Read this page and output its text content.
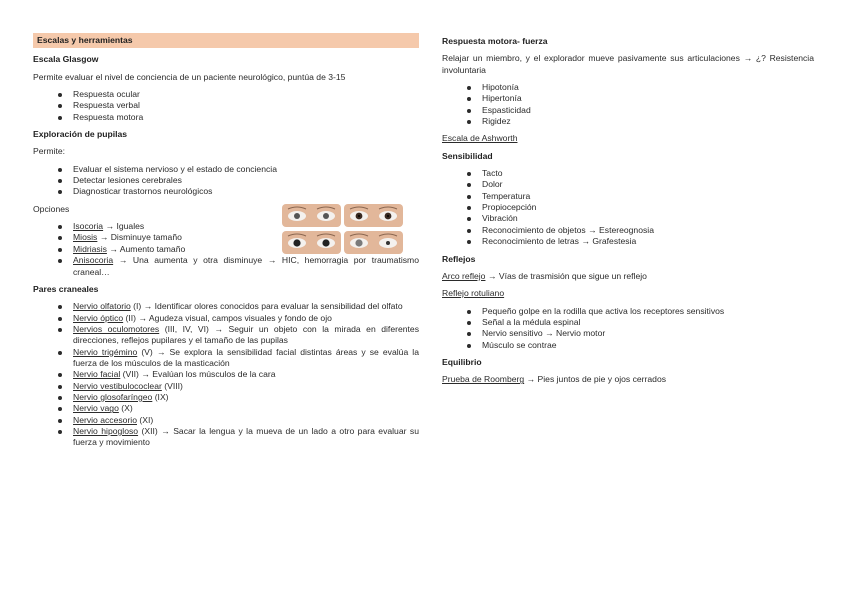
Escalas y herramientas
Escala Glasgow

Permite evaluar el nivel de conciencia de un paciente neurológico, puntúa de 3-15

Respuesta ocular
Respuesta verbal
Respuesta motora
Exploración de pupilas

Permite:

Evaluar el sistema nervioso y el estado de conciencia
Detectar lesiones cerebrales
Diagnosticar trastornos neurológicos

Opciones

Isocoria → Iguales
Miosis → Disminuye tamaño
Midriasis → Aumento tamaño
Anisocoria → Una aumenta y otra disminuye → HIC, hemorragia por traumatismo craneal…
Pares craneales
Nervio olfatorio (I) → Identificar olores conocidos para evaluar la sensibilidad del olfato
Nervio óptico (II) → Agudeza visual, campos visuales y fondo de ojo
Nervios oculomotores (III, IV, VI) → Seguir un objeto con la mirada en diferentes direcciones, reflejos pupilares y el tamaño de las pupilas
Nervio trigémino (V) → Se explora la sensibilidad facial distintas áreas y se evalúa la fuerza de los músculos de la masticación
Nervio facial (VII) → Evalúan los músculos de la cara
Nervio vestibulococlear (VIII)
Nervio glosofaríngeo (IX)
Nervio vago (X)
Nervio accesorio (XI)
Nervio hipogloso (XII) → Sacar la lengua y la mueva de un lado a otro para evaluar su fuerza y movimiento
Respuesta motora- fuerza

Relajar un miembro, y el explorador mueve pasivamente sus articulaciones → ¿? Resistencia involuntaria

Hipotonía
Hipertonía
Espasticidad
Rigidez
Escala de Ashworth
Sensibilidad
Tacto
Dolor
Temperatura
Propiocepción
Vibración
Reconocimiento de objetos → Estereognosia
Reconocimiento de letras → Grafestesia
Reflejos

Arco reflejo → Vías de trasmisión que sigue un reflejo

Reflejo rotuliano
Pequeño golpe en la rodilla que activa los receptores sensitivos
Señal a la médula espinal
Nervio sensitivo → Nervio motor
Músculo se contrae
Equilibrio

Prueba de Roomberg → Pies juntos de pie y ojos cerrados
